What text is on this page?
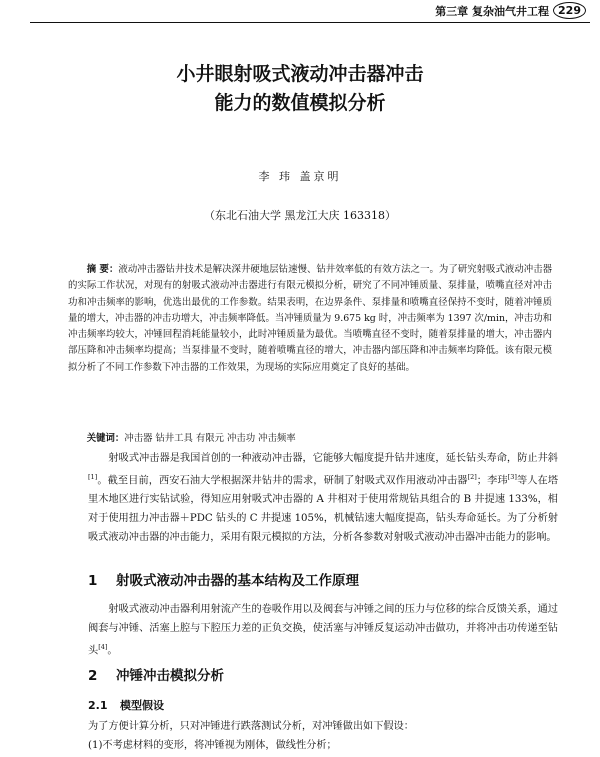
第三章 复杂油气井工程 229
小井眼射吸式液动冲击器冲击
能力的数值模拟分析
李 玮 盖京明
（东北石油大学 黑龙江大庆 163318）
摘 要：液动冲击器钻井技术是解决深井硬地层钻速慢、钻井效率低的有效方法之一。为了研究射吸式液动冲击器的实际工作状况，对现有的射吸式液动冲击器进行有限元模拟分析，研究了不同冲锤质量、泵排量，喷嘴直径对冲击功和冲击频率的影响，优选出最优的工作参数。结果表明，在边界条件、泵排量和喷嘴直径保持不变时，随着冲锤质量的增大，冲击器的冲击功增大，冲击频率降低。当冲锤质量为 9.675 kg 时，冲击频率为 1397 次/min，冲击功和冲击频率均较大，冲锤回程消耗能量较小，此时冲锤质量为最优。当喷嘴直径不变时，随着泵排量的增大，冲击器内部压降和冲击频率均提高；当泵排量不变时，随着喷嘴直径的增大，冲击器内部压降和冲击频率均降低。该有限元模拟分析了不同工作参数下冲击器的工作效果，为现场的实际应用奠定了良好的基础。
关键词：冲击器 钻井工具 有限元 冲击功 冲击频率
射吸式冲击器是我国首创的一种液动冲击器，它能够大幅度提升钻井速度，延长钻头寿命，防止井斜[1]。截至目前，西安石油大学根据深井钻井的需求，研制了射吸式双作用液动冲击器[2]；李玮[3]等人在塔里木地区进行实钻试验，得知应用射吸式冲击器的 A 井相对于使用常规钻具组合的 B 井提速 133%，相对于使用扭力冲击器＋PDC 钻头的 C 井提速 105%，机械钻速大幅度提高，钻头寿命延长。为了分析射吸式液动冲击器的冲击能力，采用有限元模拟的方法，分析各参数对射吸式液动冲击器冲击能力的影响。
1 射吸式液动冲击器的基本结构及工作原理
射吸式液动冲击器利用射流产生的卷吸作用以及阀套与冲锤之间的压力与位移的综合反馈关系，通过阀套与冲锤、活塞上腔与下腔压力差的正负交换，使活塞与冲锤反复运动冲击做功，并将冲击功传递至钻头[4]。
2 冲锤冲击模拟分析
2.1 模型假设
为了方便计算分析，只对冲锤进行跌落测试分析，对冲锤做出如下假设：
(1)不考虑材料的变形，将冲锤视为刚体，做线性分析；
